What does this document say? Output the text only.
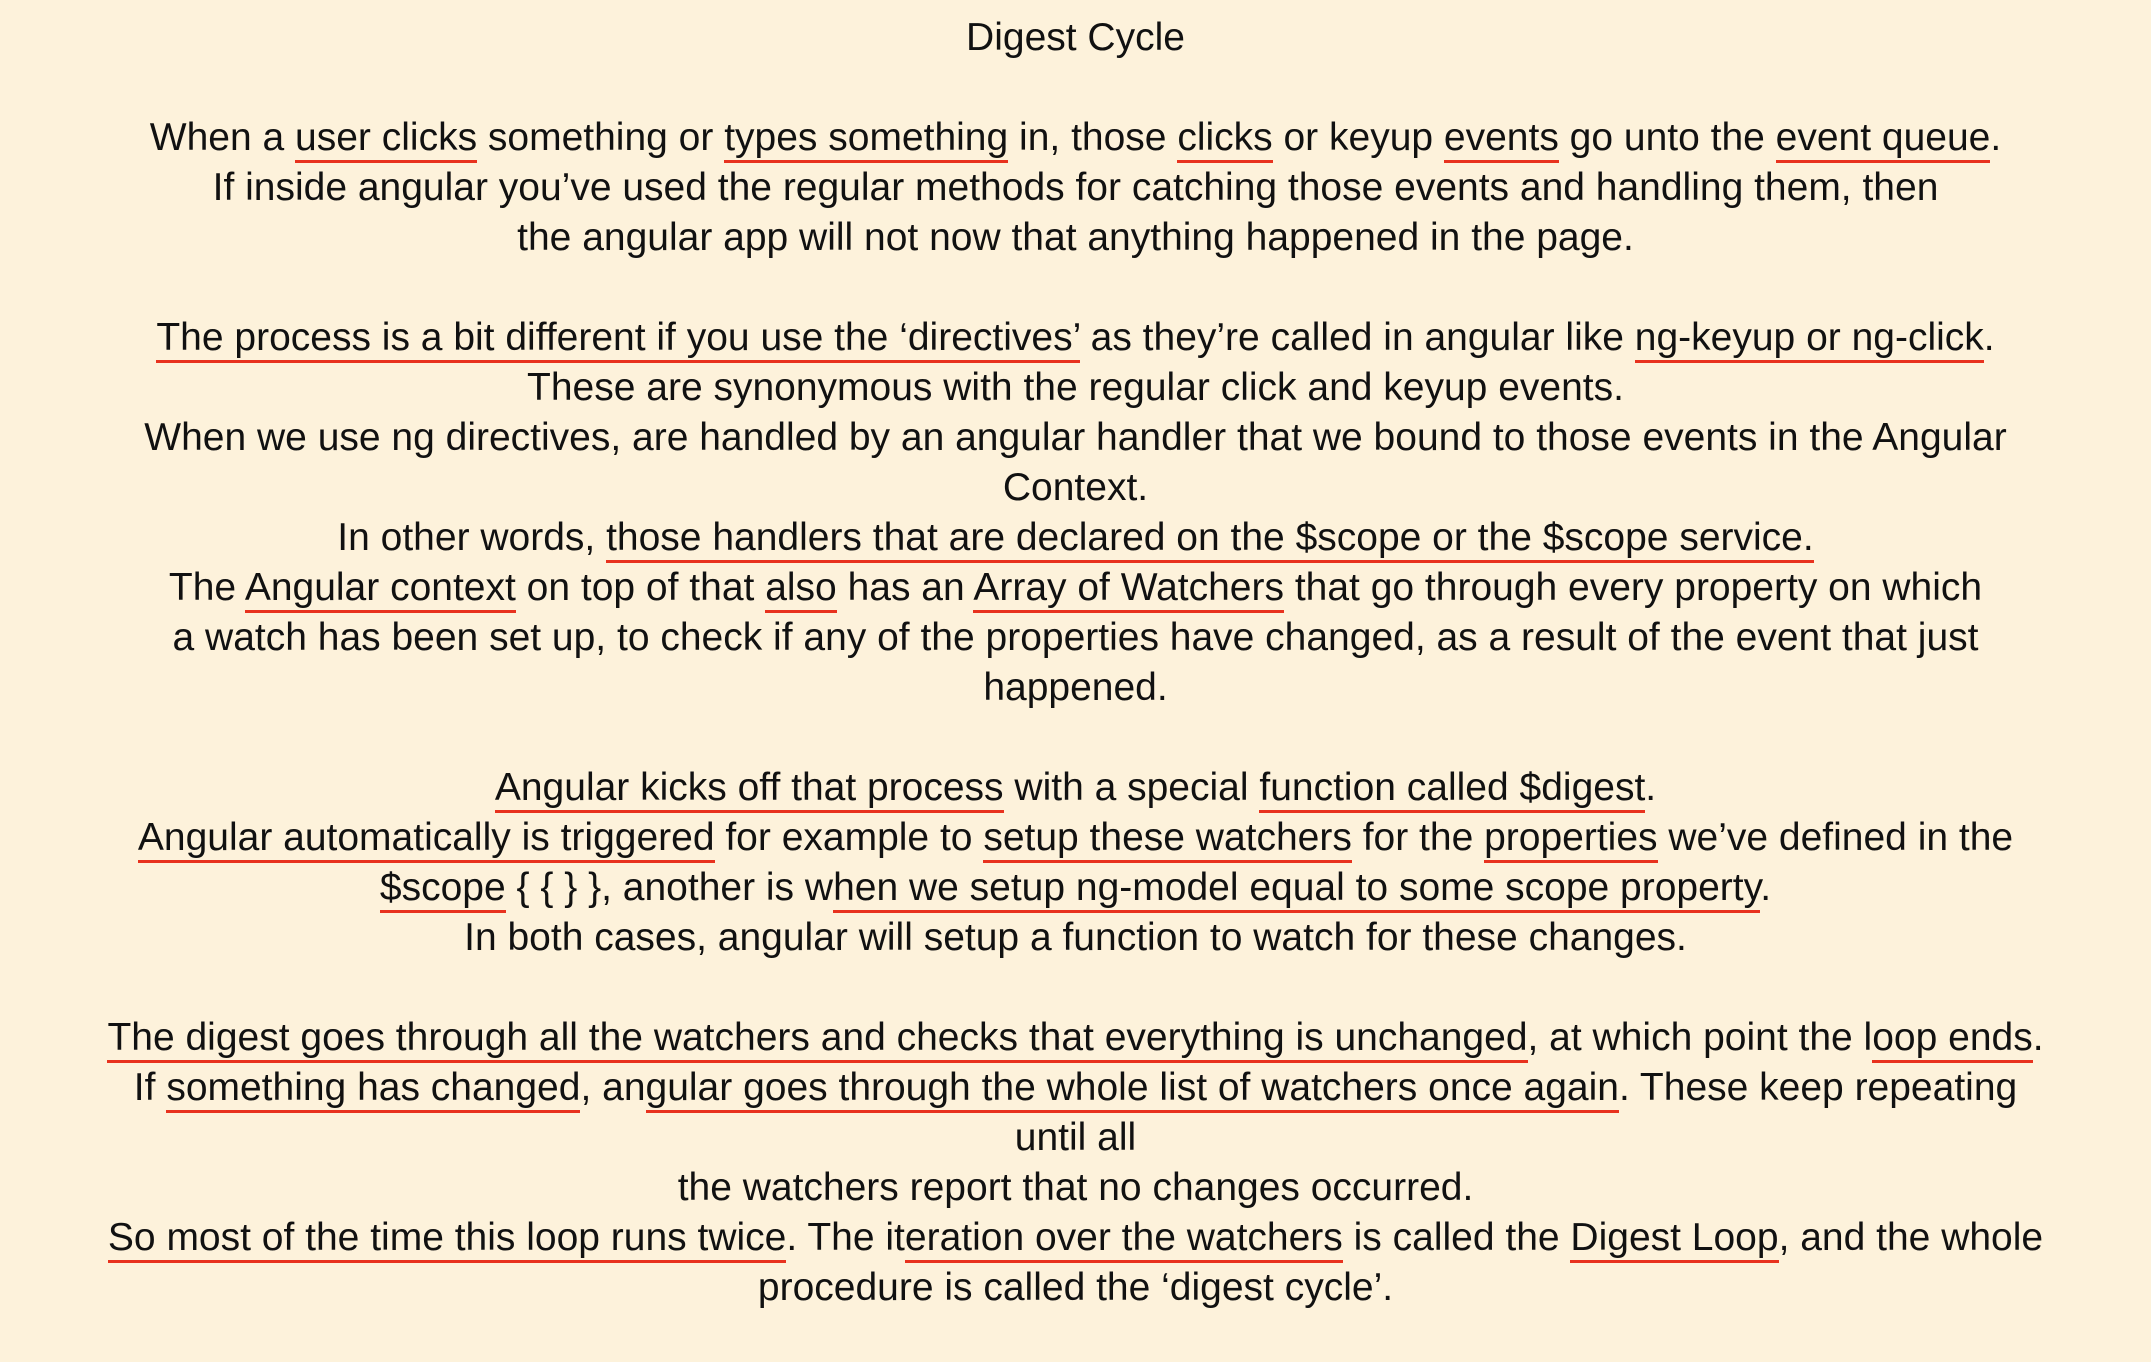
Digest Cycle
When a user clicks something or types something in, those clicks or keyup events go unto the event queue.
If inside angular you’ve used the regular methods for catching those events and handling them, then
the angular app will not now that anything happened in the page.
The process is a bit different if you use the ‘directives’ as they’re called in angular like ng-keyup or ng-click.
These are synonymous with the regular click and keyup events.
When we use ng directives, are handled by an angular handler that we bound to those events in the Angular
Context.
In other words, those handlers that are declared on the $scope or the $scope service.
The Angular context on top of that also has an Array of Watchers that go through every property on which
a watch has been set up, to check if any of the properties have changed, as a result of the event that just
happened.
Angular kicks off that process with a special function called $digest.
Angular automatically is triggered for example to setup these watchers for the properties we’ve defined in the
$scope { { } }, another is when we setup ng-model equal to some scope property.
In both cases, angular will setup a function to watch for these changes.
The digest goes through all the watchers and checks that everything is unchanged, at which point the loop ends.
If something has changed, angular goes through the whole list of watchers once again. These keep repeating
until all
the watchers report that no changes occurred.
So most of the time this loop runs twice. The iteration over the watchers is called the Digest Loop, and the whole
procedure is called the ‘digest cycle’.
